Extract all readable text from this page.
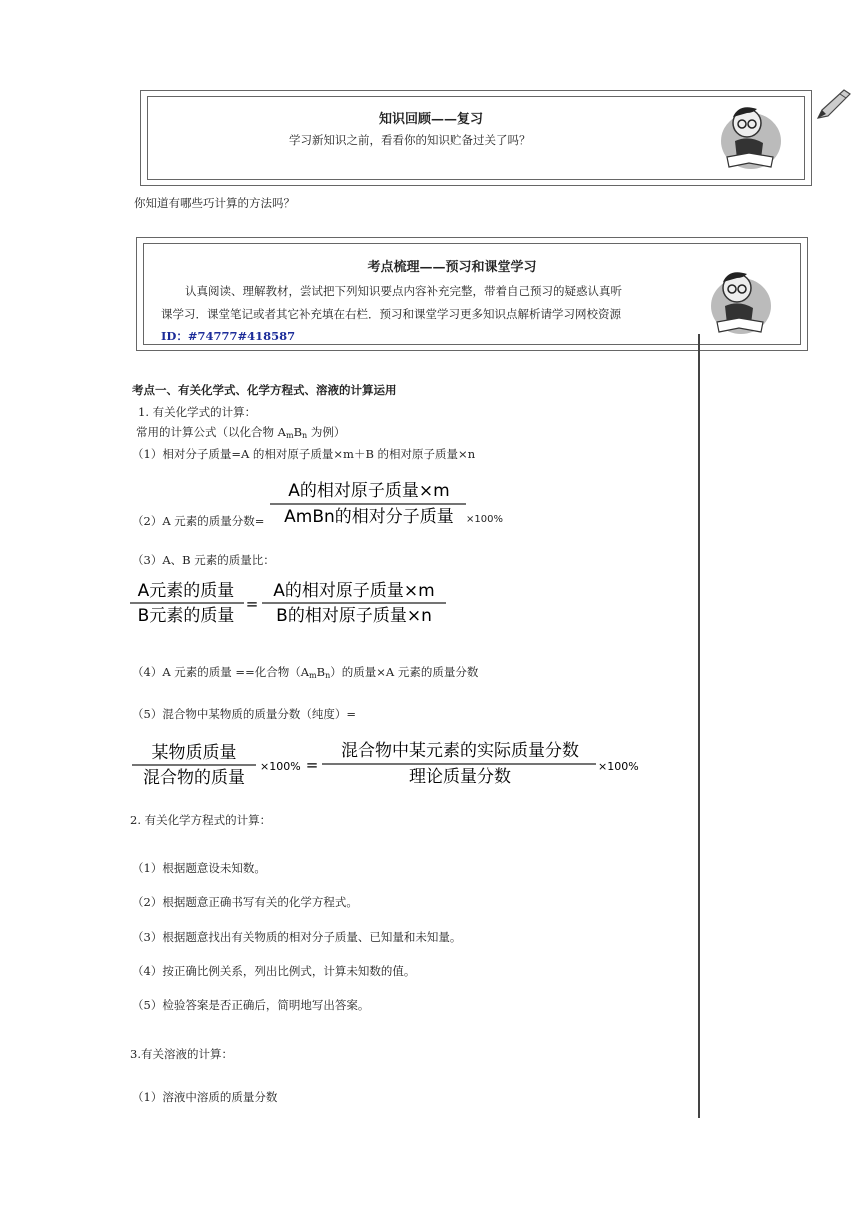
知识回顾——复习
学习新知识之前，看看你的知识贮备过关了吗？
你知道有哪些巧计算的方法吗？
考点梳理——预习和课堂学习
认真阅读、理解教材，尝试把下列知识要点内容补充完整，带着自己预习的疑惑认真听
课学习．课堂笔记或者其它补充填在右栏．预习和课堂学习更多知识点解析请学习网校资源
ID：#74777#418587
考点一、有关化学式、化学方程式、溶液的计算运用
1. 有关化学式的计算：
常用的计算公式（以化合物 $A_mB_n$ 为例）
（1）相对分子质量=A 的相对原子质量×m＋B 的相对原子质量×n
（2）A 元素的质量分数=
A的相对原子质量×m
AmBn的相对分子质量 ×100%
（3）A、B 元素的质量比：
A元素的质量
B元素的质量
=
A的相对原子质量×m
B的相对原子质量×n
（4）A 元素的质量 ==化合物$(A_mB_n)$的质量×A 元素的质量分数
（5）混合物中某物质的质量分数（纯度）=
某物质质量
混合物的质量
×100% =
混合物中某元素的实际质量分数
理论质量分数
×100%
2. 有关化学方程式的计算：
（1）根据题意设未知数。
（2）根据题意正确书写有关的化学方程式。
（3）根据题意找出有关物质的相对分子质量、已知量和未知量。
（4）按正确比例关系，列出比例式，计算未知数的值。
（5）检验答案是否正确后，简明地写出答案。
3.有关溶液的计算：
（1）溶液中溶质的质量分数
